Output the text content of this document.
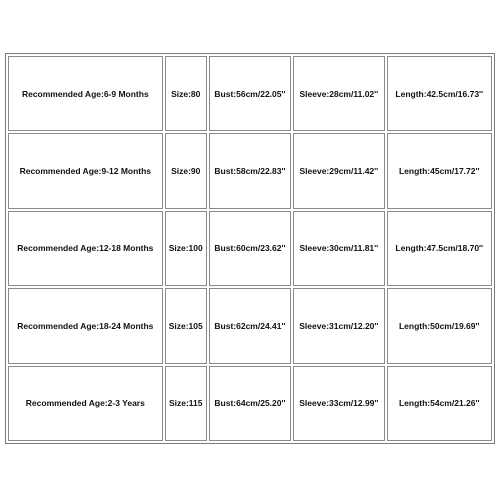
Recommended Age:6-9 Months	Size:80	Bust:56cm/22.05''	Sleeve:28cm/11.02''	Length:42.5cm/16.73''
Recommended Age:9-12 Months	Size:90	Bust:58cm/22.83''	Sleeve:29cm/11.42''	Length:45cm/17.72''
Recommended Age:12-18 Months	Size:100	Bust:60cm/23.62''	Sleeve:30cm/11.81''	Length:47.5cm/18.70''
Recommended Age:18-24 Months	Size:105	Bust:62cm/24.41''	Sleeve:31cm/12.20''	Length:50cm/19.69''
Recommended Age:2-3 Years	Size:115	Bust:64cm/25.20''	Sleeve:33cm/12.99''	Length:54cm/21.26''
